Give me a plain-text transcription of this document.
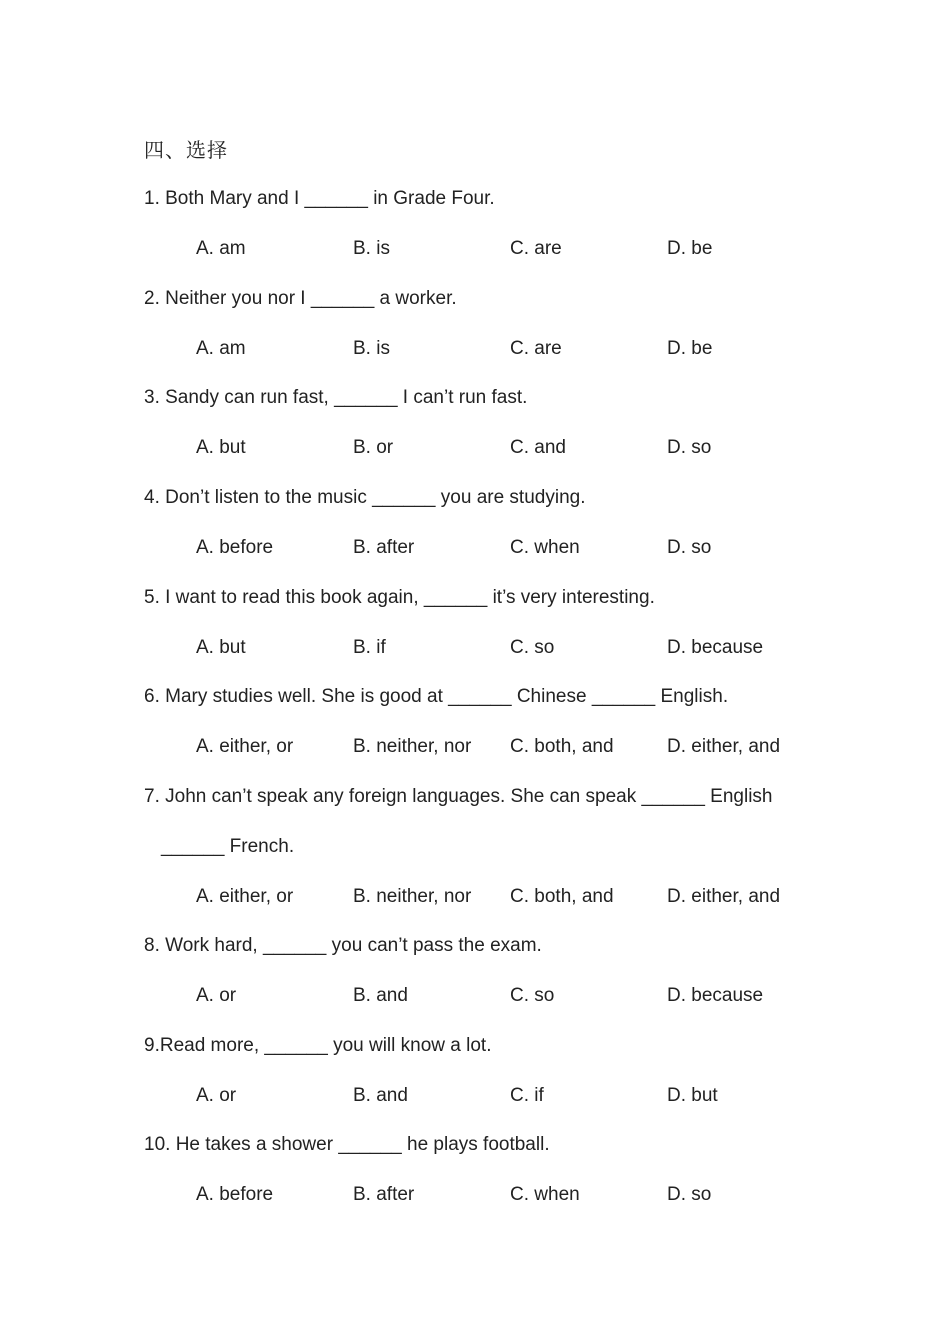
四、选择
1. Both Mary and I ______ in Grade Four.
A. am	B. is	C. are	D. be
2. Neither you nor I ______ a worker.
A. am	B. is	C. are	D. be
3. Sandy can run fast, ______ I can’t run fast.
A. but	B. or	C. and	D. so
4. Don’t listen to the music ______ you are studying.
A. before	B. after	C. when	D. so
5. I want to read this book again, ______ it’s very interesting.
A. but	B. if	C. so	D. because
6. Mary studies well. She is good at ______ Chinese ______ English.
A. either, or	B. neither, nor C. both, and	D. either, and
7. John can’t speak any foreign languages. She can speak ______ English
______ French.
A. either, or	B. neither, nor C. both, and	D. either, and
8. Work hard, ______ you can’t pass the exam.
A. or	B. and	C. so	D. because
9.Read more, ______ you will know a lot.
A. or	B. and	C. if	D. but
10. He takes a shower ______ he plays football.
A. before	B. after	C. when	D. so
